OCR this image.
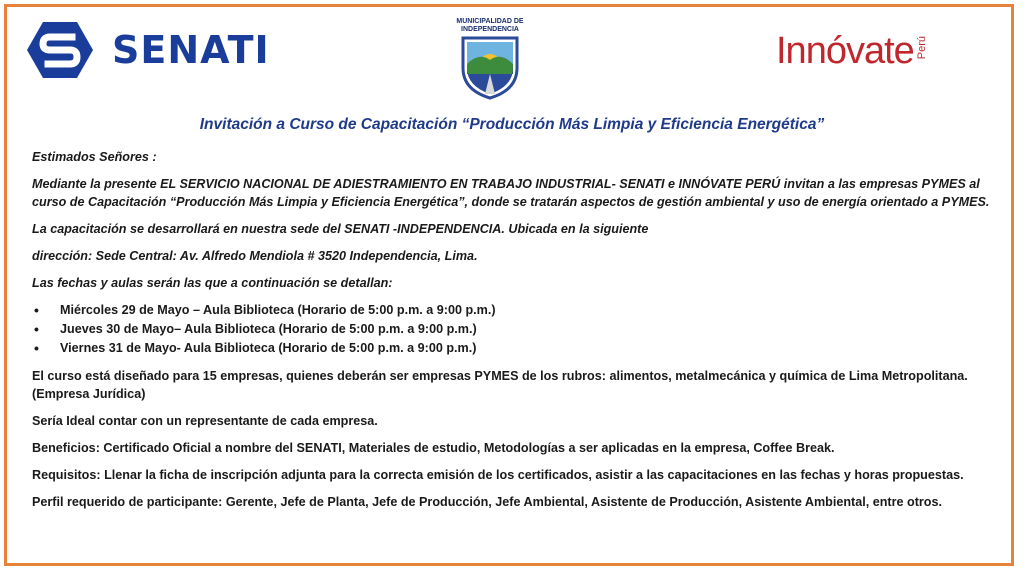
SENATI
MUNICIPALIDAD DE INDEPENDENCIA
Innóvate Perú
Invitación a Curso de Capacitación “Producción Más Limpia y Eficiencia Energética”

Estimados Señores :

Mediante la presente EL SERVICIO NACIONAL DE ADIESTRAMIENTO EN TRABAJO INDUSTRIAL- SENATI e INNÓVATE PERÚ invitan a las empresas PYMES al curso de Capacitación “Producción Más Limpia y Eficiencia Energética”, donde se tratarán aspectos de gestión ambiental y uso de energía orientado a PYMES.

La capacitación se desarrollará en nuestra sede del SENATI -INDEPENDENCIA. Ubicada en la siguiente

dirección: Sede Central: Av. Alfredo Mendiola # 3520 Independencia, Lima.

Las fechas y aulas serán las que a continuación se detallan:

• Miércoles 29 de Mayo – Aula Biblioteca (Horario de 5:00 p.m. a 9:00 p.m.)
• Jueves 30 de Mayo– Aula Biblioteca (Horario de 5:00 p.m. a 9:00 p.m.)
• Viernes 31 de Mayo- Aula Biblioteca (Horario de 5:00 p.m. a 9:00 p.m.)

El curso está diseñado para 15 empresas, quienes deberán ser empresas PYMES de los rubros: alimentos, metalmecánica y química de Lima Metropolitana. (Empresa Jurídica)

Sería Ideal contar con un representante de cada empresa.

Beneficios: Certificado Oficial a nombre del SENATI, Materiales de estudio, Metodologías a ser aplicadas en la empresa, Coffee Break.

Requisitos: Llenar la ficha de inscripción adjunta para la correcta emisión de los certificados, asistir a las capacitaciones en las fechas y horas propuestas.

Perfil requerido de participante: Gerente, Jefe de Planta, Jefe de Producción, Jefe Ambiental, Asistente de Producción, Asistente Ambiental, entre otros.
